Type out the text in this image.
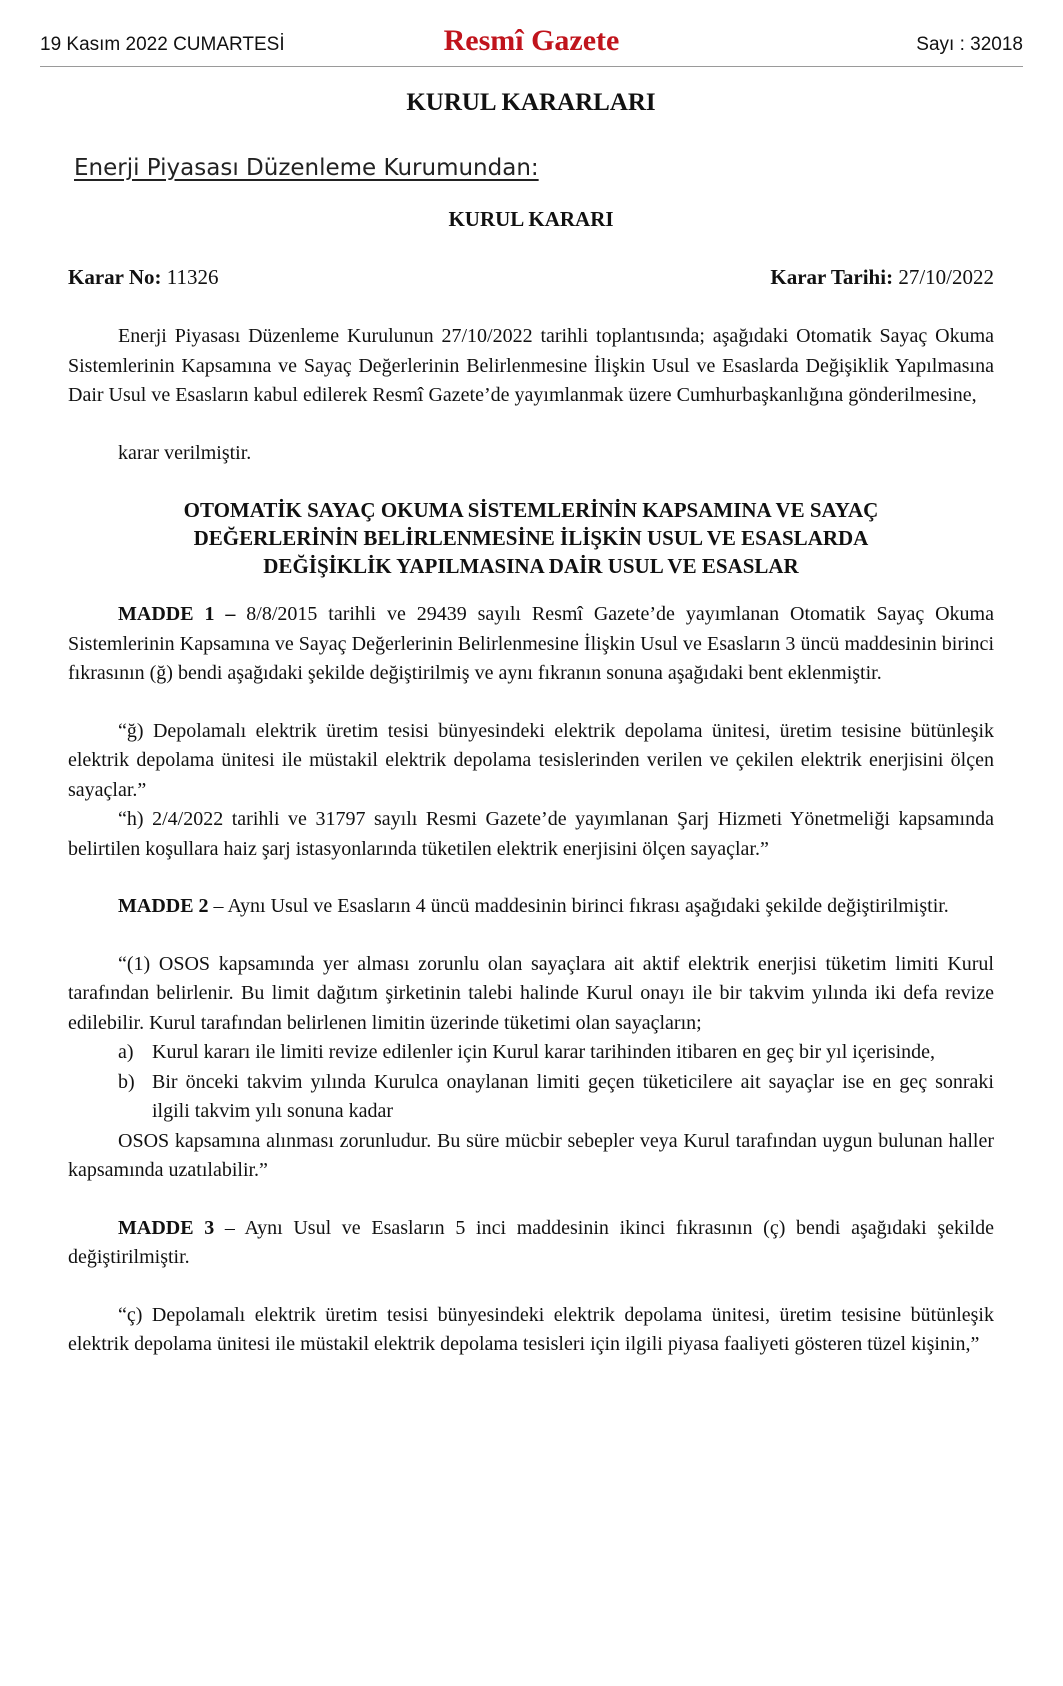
19 Kasım 2022 CUMARTESİ	Resmî Gazete	Sayı : 32018
KURUL KARARLARI
Enerji Piyasası Düzenleme Kurumundan:
KURUL KARARI
Karar No: 11326	Karar Tarihi: 27/10/2022

Enerji Piyasası Düzenleme Kurulunun 27/10/2022 tarihli toplantısında; aşağıdaki Otomatik Sayaç Okuma Sistemlerinin Kapsamına ve Sayaç Değerlerinin Belirlenmesine İlişkin Usul ve Esaslarda Değişiklik Yapılmasına Dair Usul ve Esasların kabul edilerek Resmî Gazete’de yayımlanmak üzere Cumhurbaşkanlığına gönderilmesine,

karar verilmiştir.

OTOMATİK SAYAÇ OKUMA SİSTEMLERİNİN KAPSAMINA VE SAYAÇ
DEĞERLERİNİN BELİRLENMESİNE İLİŞKİN USUL VE ESASLARDA
DEĞİŞİKLİK YAPILMASINA DAİR USUL VE ESASLAR

MADDE 1 – 8/8/2015 tarihli ve 29439 sayılı Resmî Gazete’de yayımlanan Otomatik Sayaç Okuma Sistemlerinin Kapsamına ve Sayaç Değerlerinin Belirlenmesine İlişkin Usul ve Esasların 3 üncü maddesinin birinci fıkrasının (ğ) bendi aşağıdaki şekilde değiştirilmiş ve aynı fıkranın sonuna aşağıdaki bent eklenmiştir.

“ğ) Depolamalı elektrik üretim tesisi bünyesindeki elektrik depolama ünitesi, üretim tesisine bütünleşik elektrik depolama ünitesi ile müstakil elektrik depolama tesislerinden verilen ve çekilen elektrik enerjisini ölçen sayaçlar.”

“h) 2/4/2022 tarihli ve 31797 sayılı Resmi Gazete’de yayımlanan Şarj Hizmeti Yönetmeliği kapsamında belirtilen koşullara haiz şarj istasyonlarında tüketilen elektrik enerjisini ölçen sayaçlar.”

MADDE 2 – Aynı Usul ve Esasların 4 üncü maddesinin birinci fıkrası aşağıdaki şekilde değiştirilmiştir.

“(1) OSOS kapsamında yer alması zorunlu olan sayaçlara ait aktif elektrik enerjisi tüketim limiti Kurul tarafından belirlenir. Bu limit dağıtım şirketinin talebi halinde Kurul onayı ile bir takvim yılında iki defa revize edilebilir. Kurul tarafından belirlenen limitin üzerinde tüketimi olan sayaçların;

a) Kurul kararı ile limiti revize edilenler için Kurul karar tarihinden itibaren en geç bir yıl içerisinde,
b) Bir önceki takvim yılında Kurulca onaylanan limiti geçen tüketicilere ait sayaçlar ise en geç sonraki ilgili takvim yılı sonuna kadar

OSOS kapsamına alınması zorunludur. Bu süre mücbir sebepler veya Kurul tarafından uygun bulunan haller kapsamında uzatılabilir.”

MADDE 3 – Aynı Usul ve Esasların 5 inci maddesinin ikinci fıkrasının (ç) bendi aşağıdaki şekilde değiştirilmiştir.

“ç) Depolamalı elektrik üretim tesisi bünyesindeki elektrik depolama ünitesi, üretim tesisine bütünleşik elektrik depolama ünitesi ile müstakil elektrik depolama tesisleri için ilgili piyasa faaliyeti gösteren tüzel kişinin,”
